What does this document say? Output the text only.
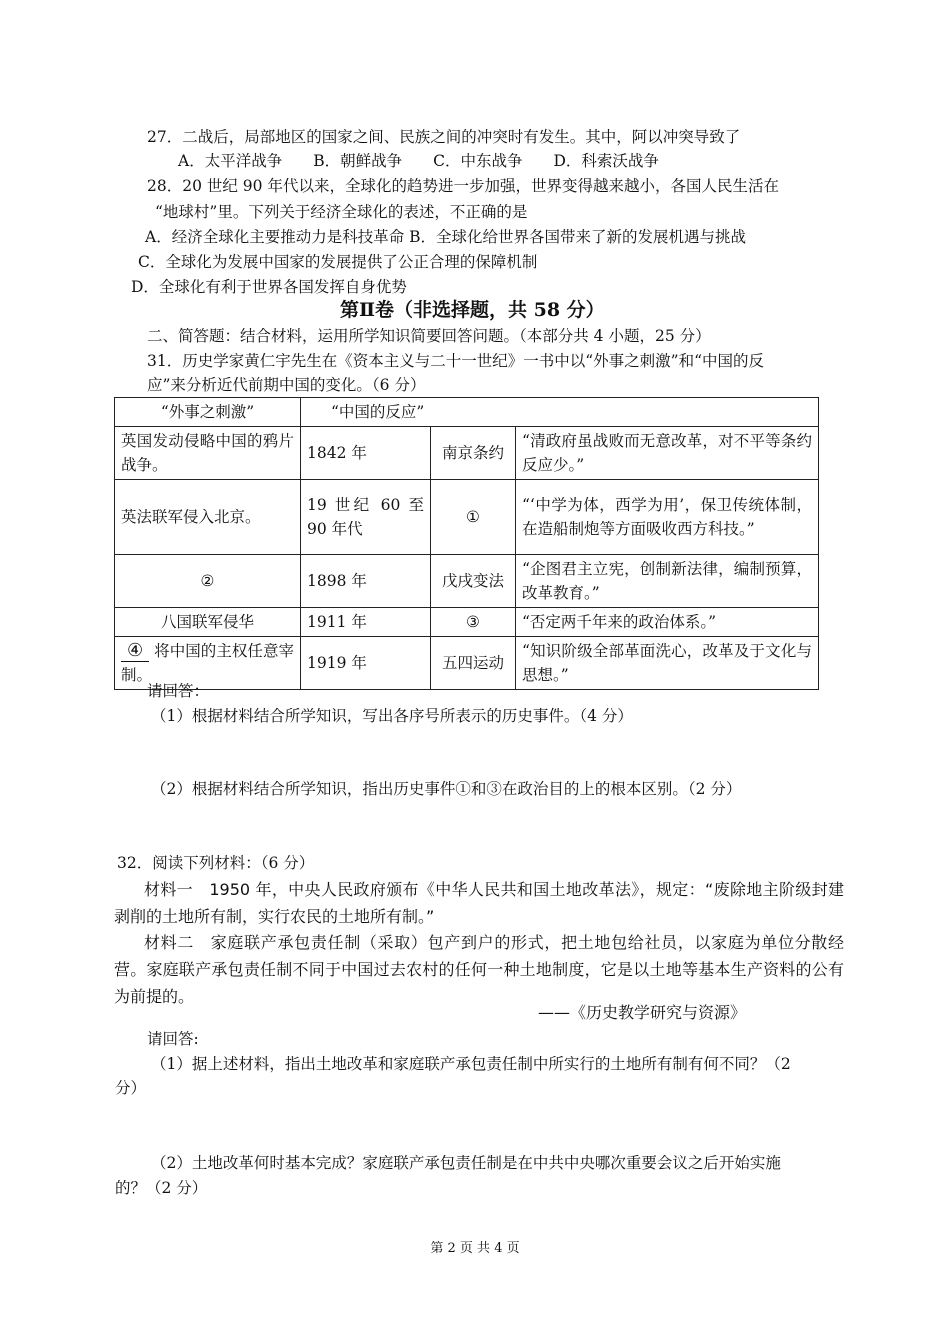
27．二战后，局部地区的国家之间、民族之间的冲突时有发生。其中，阿以冲突导致了
A．太平洋战争　　B．朝鲜战争　　C．中东战争　　D．科索沃战争
28．20 世纪 90 年代以来，全球化的趋势进一步加强，世界变得越来越小，各国人民生活在
“地球村”里。下列关于经济全球化的表述，不正确的是
A．经济全球化主要推动力是科技革命 B．全球化给世界各国带来了新的发展机遇与挑战
C．全球化为发展中国家的发展提供了公正合理的保障机制
D．全球化有利于世界各国发挥自身优势
第Ⅱ卷（非选择题，共 58 分）
二、简答题：结合材料，运用所学知识简要回答问题。（本部分共 4 小题，25 分）
31．历史学家黄仁宇先生在《资本主义与二十一世纪》一书中以“外事之刺激”和“中国的反
应”来分析近代前期中国的变化。（6 分）
“外事之刺激”	“中国的反应”		
英国发动侵略中国的鸦片战争。	1842 年	南京条约	“清政府虽战败而无意改革，对不平等条约反应少。”
英法联军侵入北京。	19 世纪 60 至 90 年代	①	“‘中学为体，西学为用’，保卫传统体制，在造船制炮等方面吸收西方科技。”
②	1898 年	戊戌变法	“企图君主立宪，创制新法律，编制预算，改革教育。”
八国联军侵华	1911 年	③	“否定两千年来的政治体系。”
④ 将中国的主权任意宰制。	1919 年	五四运动	“知识阶级全部革面洗心，改革及于文化与思想。”
请回答：
（1）根据材料结合所学知识，写出各序号所表示的历史事件。（4 分）
（2）根据材料结合所学知识，指出历史事件①和③在政治目的上的根本区别。（2 分）
32．阅读下列材料：（6 分）
材料一　1950 年，中央人民政府颁布《中华人民共和国土地改革法》，规定：“废除地主阶级封建剥削的土地所有制，实行农民的土地所有制。”
材料二　家庭联产承包责任制（采取）包产到户的形式，把土地包给社员，以家庭为单位分散经营。家庭联产承包责任制不同于中国过去农村的任何一种土地制度，它是以土地等基本生产资料的公有为前提的。
——《历史教学研究与资源》
请回答:
（1）据上述材料，指出土地改革和家庭联产承包责任制中所实行的土地所有制有何不同？（2
分）
（2）土地改革何时基本完成？家庭联产承包责任制是在中共中央哪次重要会议之后开始实施
的？（2 分）
第 2 页 共 4 页
